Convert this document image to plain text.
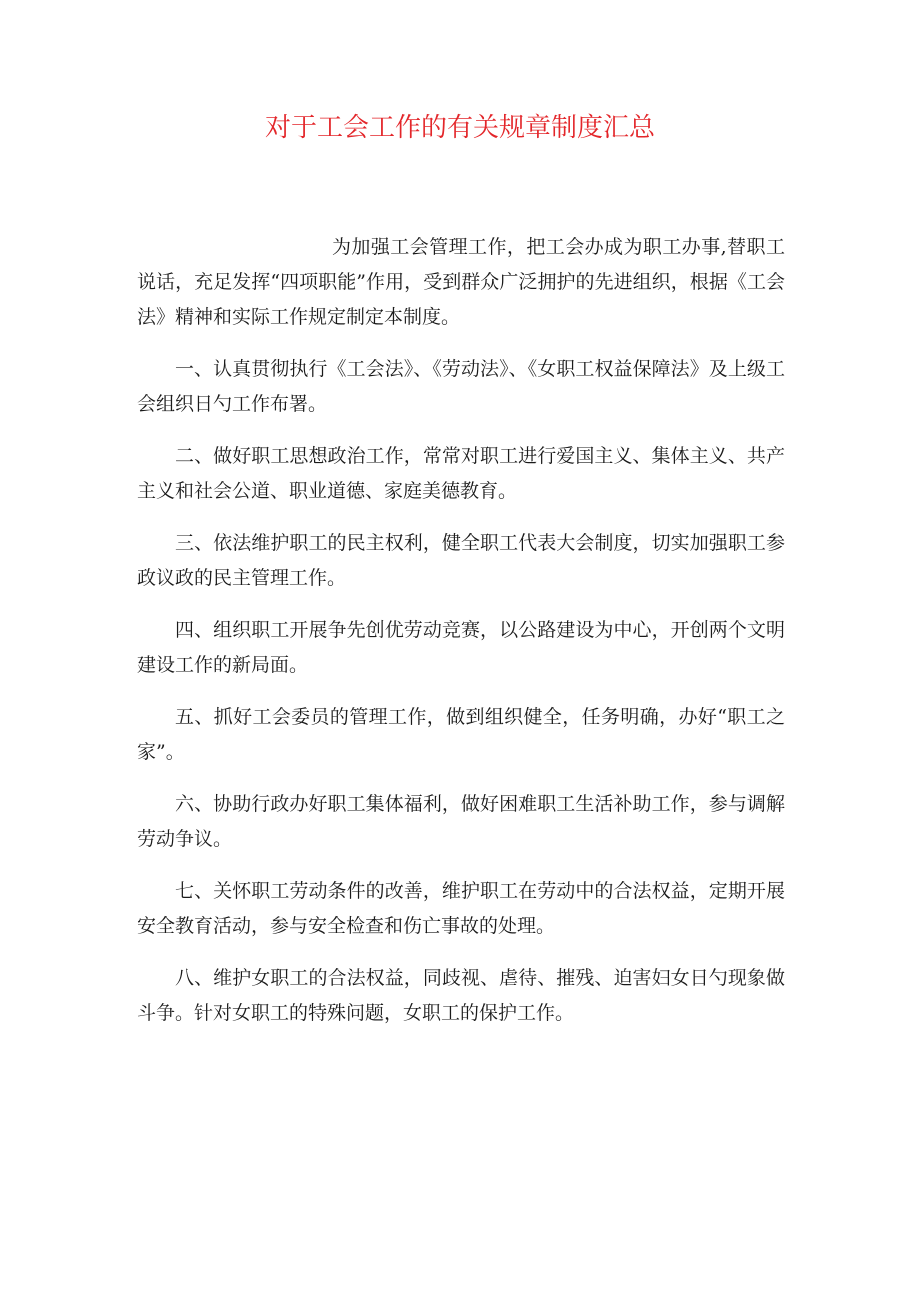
对于工会工作的有关规章制度汇总

为加强工会管理工作，把工会办成为职工办事,替职工说话，充足发挥“四项职能”作用，受到群众广泛拥护的先进组织，根据《工会法》精神和实际工作规定制定本制度。

一、认真贯彻执行《工会法》、《劳动法》、《女职工权益保障法》及上级工会组织日勺工作布署。

二、做好职工思想政治工作，常常对职工进行爱国主义、集体主义、共产主义和社会公道、职业道德、家庭美德教育。

三、依法维护职工的民主权利，健全职工代表大会制度，切实加强职工参政议政的民主管理工作。

四、组织职工开展争先创优劳动竞赛，以公路建设为中心，开创两个文明建设工作的新局面。

五、抓好工会委员的管理工作，做到组织健全，任务明确，办好“职工之家”。

六、协助行政办好职工集体福利，做好困难职工生活补助工作，参与调解劳动争议。

七、关怀职工劳动条件的改善，维护职工在劳动中的合法权益，定期开展安全教育活动，参与安全检查和伤亡事故的处理。

八、维护女职工的合法权益，同歧视、虐待、摧残、迫害妇女日勺现象做斗争。针对女职工的特殊问题，女职工的保护工作。
